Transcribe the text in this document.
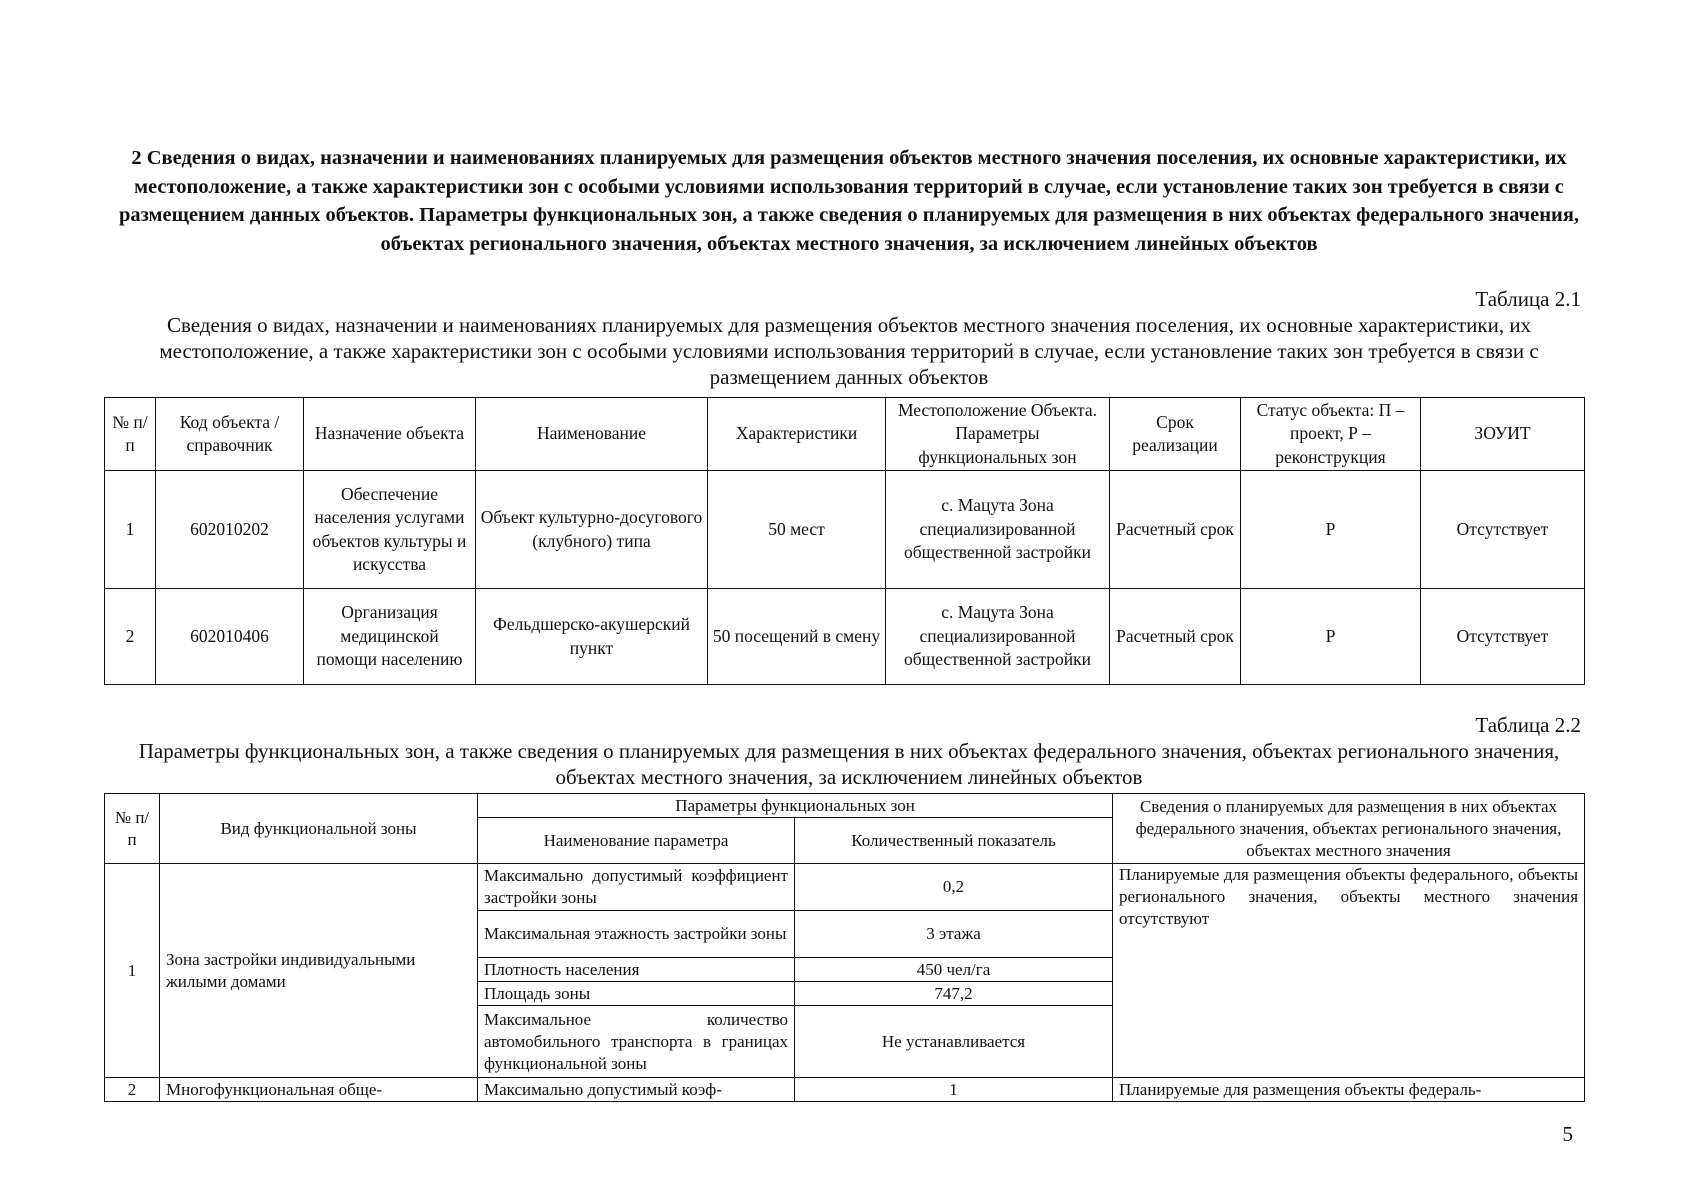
2 Сведения о видах, назначении и наименованиях планируемых для размещения объектов местного значения поселения, их основные характеристики, их местоположение, а также характеристики зон с особыми условиями использования территорий в случае, если установление таких зон требуется в связи с размещением данных объектов. Параметры функциональных зон, а также сведения о планируемых для размещения в них объектах федерального значения, объектах регионального значения, объектах местного значения, за исключением линейных объектов
Таблица 2.1
Сведения о видах, назначении и наименованиях планируемых для размещения объектов местного значения поселения, их основные характеристики, их местоположение, а также характеристики зон с особыми условиями использования территорий в случае, если установление таких зон требуется в связи с размещением данных объектов
№ п/п	Код объекта / справочник	Назначение объекта	Наименование	Характеристики	Местоположение Объекта. Параметры функциональных зон	Срок реализации	Статус объекта: П – проект, Р – реконструкция	ЗОУИТ
1	602010202	Обеспечение населения услугами объектов культуры и искусства	Объект культурно-досугового (клубного) типа	50 мест	с. Мацута Зона специализированной общественной застройки	Расчетный срок	Р	Отсутствует
2	602010406	Организация медицинской помощи населению	Фельдшерско-акушерский пункт	50 посещений в смену	с. Мацута Зона специализированной общественной застройки	Расчетный срок	Р	Отсутствует
Таблица 2.2
Параметры функциональных зон, а также сведения о планируемых для размещения в них объектах федерального значения, объектах регионального значения, объектах местного значения, за исключением линейных объектов
№ п/п	Вид функциональной зоны	Параметры функциональных зон		Сведения о планируемых для размещения в них объектах федерального значения, объектах регионального значения, объектах местного значения
		Наименование параметра	Количественный показатель	
1	Зона застройки индивидуальными жилыми домами	Максимально допустимый коэффициент застройки зоны	0,2	Планируемые для размещения объекты федерального, объекты регионального значения, объекты местного значения отсутствуют
		Максимальная этажность застройки зоны	3 этажа	
		Плотность населения	450 чел/га	
		Площадь зоны	747,2	
		Максимальное количество автомобильного транспорта в границах функциональной зоны	Не устанавливается	
2	Многофункциональная обще-	Максимально допустимый коэф-	1	Планируемые для размещения объекты федераль-
5
